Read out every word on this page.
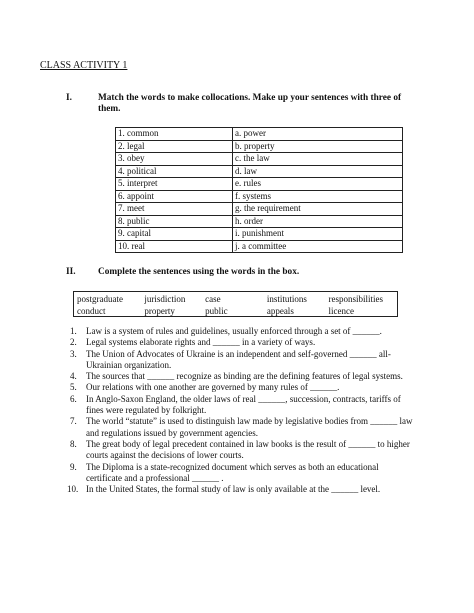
CLASS ACTIVITY 1
I.	Match the words to make collocations. Make up your sentences with three of them.
1. common	a. power
2. legal	b. property
3. obey	c. the law
4. political	d. law
5. interpret	e. rules
6. appoint	f. systems
7. meet	g. the requirement
8. public	h. order
9. capital	i. punishment
10. real	j. a committee
II. Complete the sentences using the words in the box.
postgraduate	jurisdiction	case	institutions	responsibilities
conduct	property	public	appeals	licence
1. Law is a system of rules and guidelines, usually enforced through a set of ______.
2. Legal systems elaborate rights and ______ in a variety of ways.
3. The Union of Advocates of Ukraine is an independent and self-governed ______ all-Ukrainian organization.
4. The sources that ______ recognize as binding are the defining features of legal systems.
5. Our relations with one another are governed by many rules of ______.
6. In Anglo-Saxon England, the older laws of real ______, succession, contracts, tariffs of fines were regulated by folkright.
7. The world “statute” is used to distinguish law made by legislative bodies from ______ law and regulations issued by government agencies.
8. The great body of legal precedent contained in law books is the result of ______ to higher courts against the decisions of lower courts.
9. The Diploma is a state-recognized document which serves as both an educational certificate and a professional ______ .
10. In the United States, the formal study of law is only available at the ______ level.
